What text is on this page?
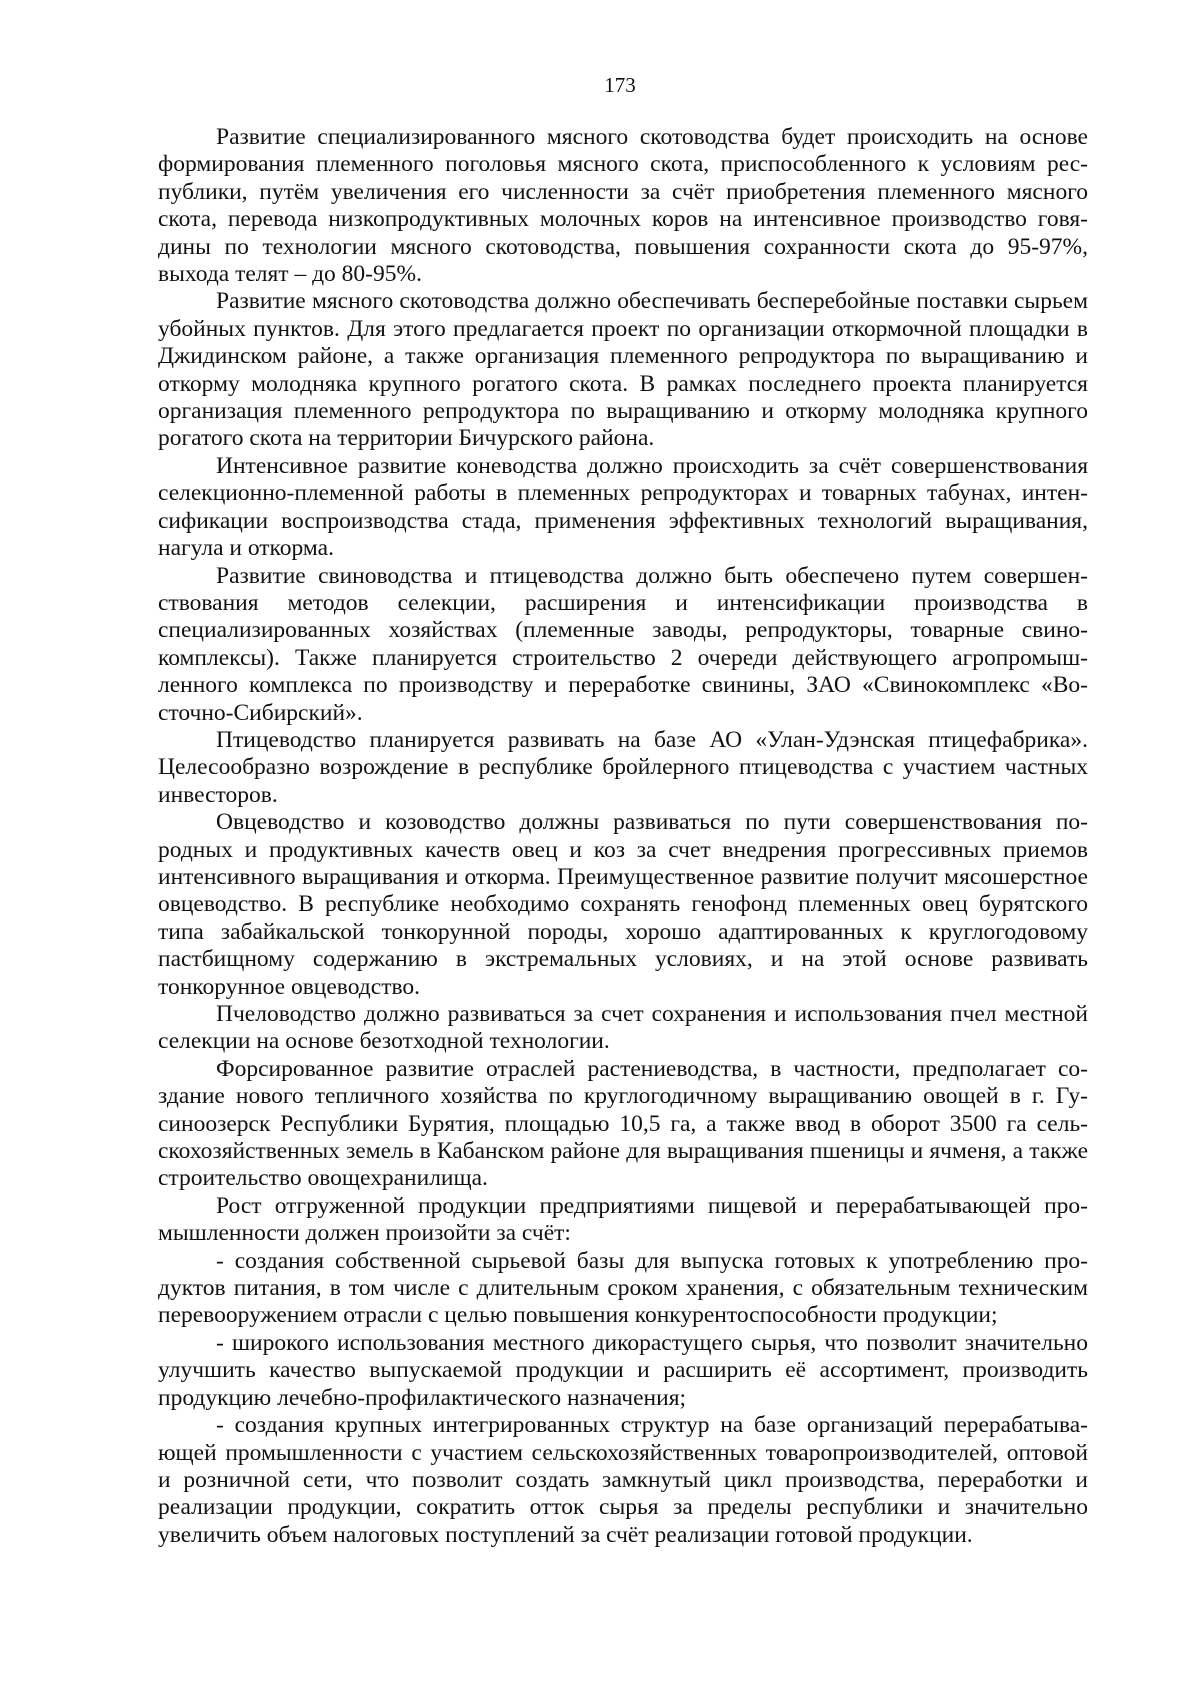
173

Развитие специализированного мясного скотоводства будет происходить на основе формирования племенного поголовья мясного скота, приспособленного к условиям республики, путём увеличения его численности за счёт приобретения племенного мясного скота, перевода низкопродуктивных молочных коров на интенсивное производство говядины по технологии мясного скотоводства, повышения сохранности скота до 95-97%, выхода телят – до 80-95%.

Развитие мясного скотоводства должно обеспечивать бесперебойные поставки сырьем убойных пунктов. Для этого предлагается проект по организации откормочной площадки в Джидинском районе, а также организация племенного репродуктора по выращиванию и откорму молодняка крупного рогатого скота. В рамках последнего проекта планируется организация племенного репродуктора по выращиванию и откорму молодняка крупного рогатого скота на территории Бичурского района.

Интенсивное развитие коневодства должно происходить за счёт совершенствования селекционно-племенной работы в племенных репродукторах и товарных табунах, интенсификации воспроизводства стада, применения эффективных технологий выращивания, нагула и откорма.

Развитие свиноводства и птицеводства должно быть обеспечено путем совершенствования методов селекции, расширения и интенсификации производства в специализированных хозяйствах (племенные заводы, репродукторы, товарные свинокомплексы). Также планируется строительство 2 очереди действующего агропромышленного комплекса по производству и переработке свинины, ЗАО «Свинокомплекс «Восточно-Сибирский».

Птицеводство планируется развивать на базе АО «Улан-Удэнская птицефабрика». Целесообразно возрождение в республике бройлерного птицеводства с участием частных инвесторов.

Овцеводство и козоводство должны развиваться по пути совершенствования породных и продуктивных качеств овец и коз за счет внедрения прогрессивных приемов интенсивного выращивания и откорма. Преимущественное развитие получит мясошерстное овцеводство. В республике необходимо сохранять генофонд племенных овец бурятского типа забайкальской тонкорунной породы, хорошо адаптированных к круглогодовому пастбищному содержанию в экстремальных условиях, и на этой основе развивать тонкорунное овцеводство.

Пчеловодство должно развиваться за счет сохранения и использования пчел местной селекции на основе безотходной технологии.

Форсированное развитие отраслей растениеводства, в частности, предполагает создание нового тепличного хозяйства по круглогодичному выращиванию овощей в г. Гусиноозерск Республики Бурятия, площадью 10,5 га, а также ввод в оборот 3500 га сельскохозяйственных земель в Кабанском районе для выращивания пшеницы и ячменя, а также строительство овощехранилища.

Рост отгруженной продукции предприятиями пищевой и перерабатывающей промышленности должен произойти за счёт:

- создания собственной сырьевой базы для выпуска готовых к употреблению продуктов питания, в том числе с длительным сроком хранения, с обязательным техническим перевооружением отрасли с целью повышения конкурентоспособности продукции;

- широкого использования местного дикорастущего сырья, что позволит значительно улучшить качество выпускаемой продукции и расширить её ассортимент, производить продукцию лечебно-профилактического назначения;

- создания крупных интегрированных структур на базе организаций перерабатывающей промышленности с участием сельскохозяйственных товаропроизводителей, оптовой и розничной сети, что позволит создать замкнутый цикл производства, переработки и реализации продукции, сократить отток сырья за пределы республики и значительно увеличить объем налоговых поступлений за счёт реализации готовой продукции.
